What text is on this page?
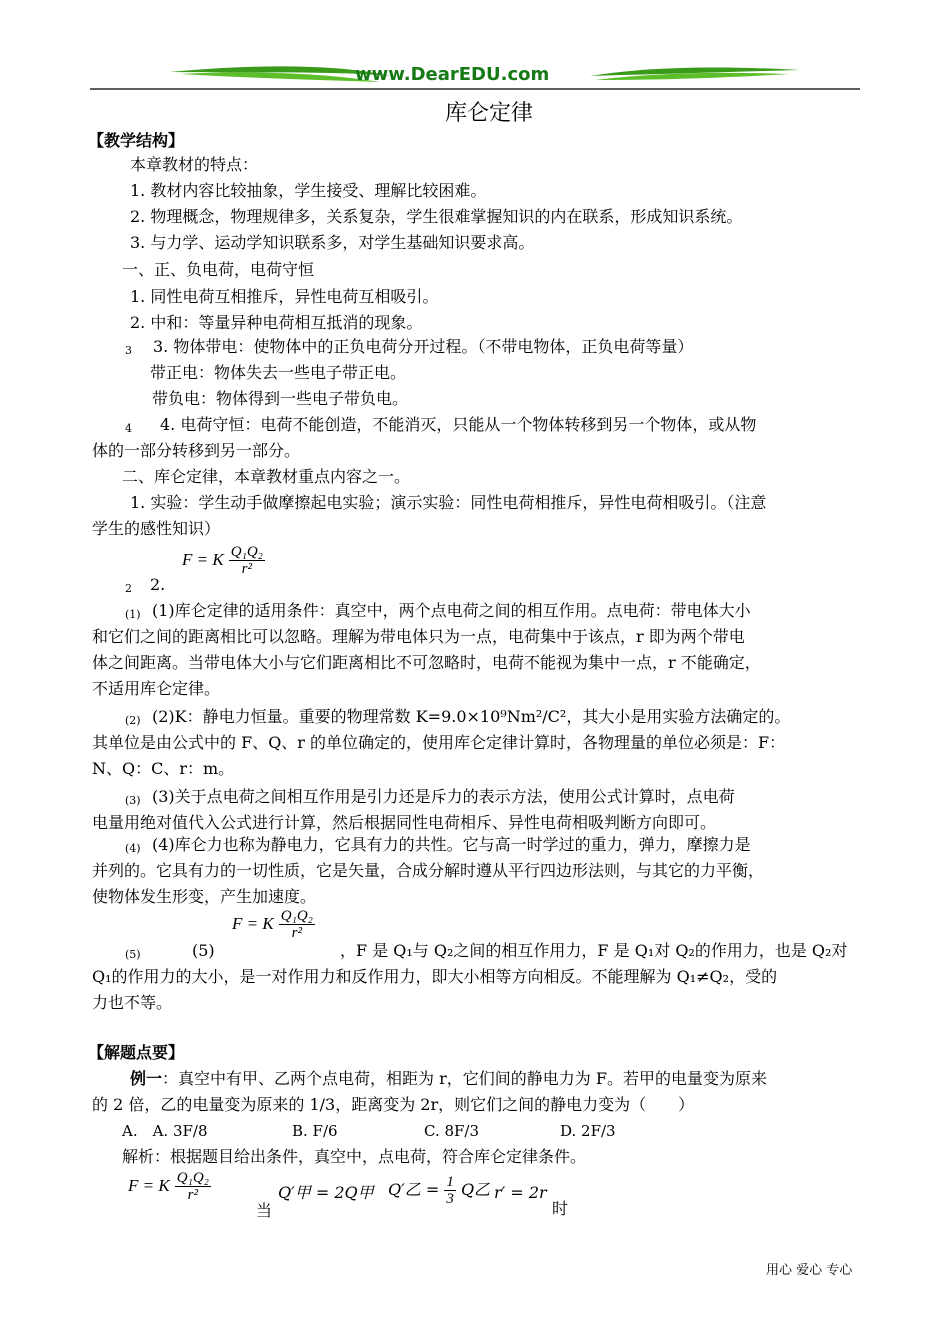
www.DearEDU.com
库仑定律
【教学结构】
本章教材的特点：
1. 教材内容比较抽象，学生接受、理解比较困难。
2. 物理概念，物理规律多，关系复杂，学生很难掌握知识的内在联系，形成知识系统。
3. 与力学、运动学知识联系多，对学生基础知识要求高。
一、正、负电荷，电荷守恒
1. 同性电荷互相推斥，异性电荷互相吸引。
2. 中和：等量异种电荷相互抵消的现象。
3 3. 物体带电：使物体中的正负电荷分开过程。（不带电物体，正负电荷等量）
带正电：物体失去一些电子带正电。
带负电：物体得到一些电子带负电。
4 4. 电荷守恒：电荷不能创造，不能消灭，只能从一个物体转移到另一个物体，或从物
体的一部分转移到另一部分。
二、库仑定律，本章教材重点内容之一。
1. 实验：学生动手做摩擦起电实验；演示实验：同性电荷相推斥，异性电荷相吸引。（注意
学生的感性知识）
F = K $\frac{\text{Q₁Q₂}}{\text{r²}}$
2 2.
(1) (1)库仑定律的适用条件：真空中，两个点电荷之间的相互作用。点电荷：带电体大小
和它们之间的距离相比可以忽略。理解为带电体只为一点，电荷集中于该点，r 即为两个带电
体之间距离。当带电体大小与它们距离相比不可忽略时，电荷不能视为集中一点，r 不能确定，
不适用库仑定律。
(2) (2)K：静电力恒量。重要的物理常数 K=9.0×10⁹Nm²/C²，其大小是用实验方法确定的。
其单位是由公式中的 F、Q、r 的单位确定的，使用库仑定律计算时，各物理量的单位必须是：F：
N、Q：C、r：m。
(3) (3)关于点电荷之间相互作用是引力还是斥力的表示方法，使用公式计算时，点电荷
电量用绝对值代入公式进行计算，然后根据同性电荷相斥、异性电荷相吸判断方向即可。
(4) (4)库仑力也称为静电力，它具有力的共性。它与高一时学过的重力，弹力，摩擦力是
并列的。它具有力的一切性质，它是矢量，合成分解时遵从平行四边形法则，与其它的力平衡，
使物体发生形变，产生加速度。
F = K $\frac{\text{Q₁Q₂}}{\text{r²}}$
(5)	(5)	，F 是 Q₁与 Q₂之间的相互作用力，F 是 Q₁对 Q₂的作用力，也是 Q₂对
Q₁的作用力的大小，是一对作用力和反作用力，即大小相等方向相反。不能理解为 Q₁≠Q₂，受的
力也不等。
【解题点要】
例一：真空中有甲、乙两个点电荷，相距为 r，它们间的静电力为 F。若甲的电量变为原来
的 2 倍，乙的电量变为原来的 1/3，距离变为 2r，则它们之间的静电力变为（　　）
A.　A. 3F/8	B. F/6	C. 8F/3	D. 2F/3
解析：根据题目给出条件，真空中，点电荷，符合库仑定律条件。
F = K $\frac{\text{Q₁Q₂}}{\text{r²}}$
当
Q′甲 = 2Q甲 Q′乙 = $\frac{1}{3}$ Q乙 r′ = 2r
时
用心 爱心 专心
